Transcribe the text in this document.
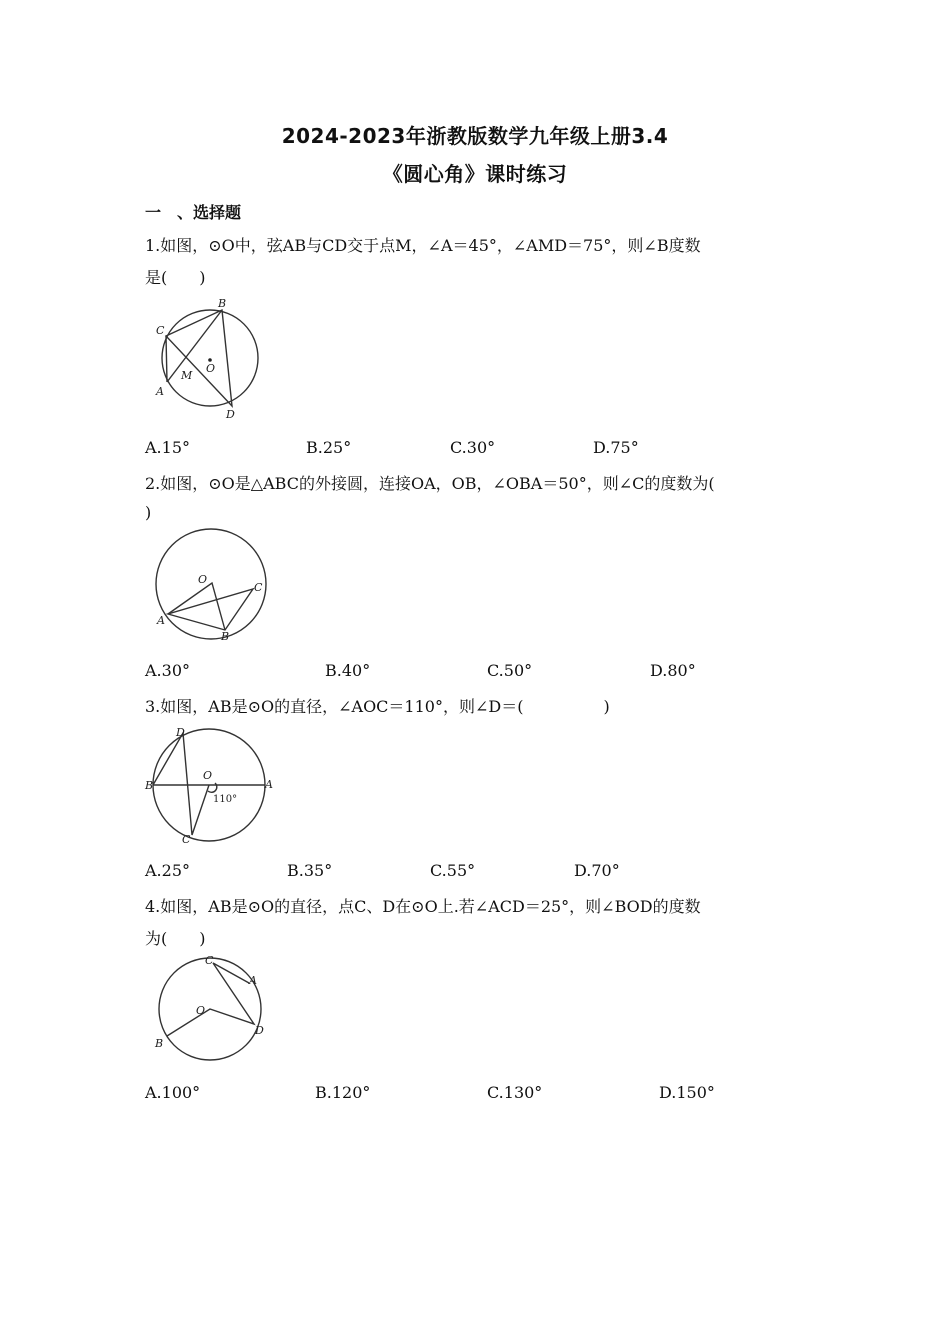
2024-2023年浙教版数学九年级上册3.4
《圆心角》课时练习
一　、选择题
1.如图，⊙O中，弦AB与CD交于点M，∠A＝45°，∠AMD＝75°，则∠B度数
是(　　)
C
B
A
D
M
O
A.15°	B.25°	C.30°	D.75°
2.如图，⊙O是△ABC的外接圆，连接OA，OB，∠OBA＝50°，则∠C的度数为(
)
O
C
A
B
A.30°	B.40°	C.50°	D.80°
3.如图，AB是⊙O的直径，∠AOC＝110°，则∠D＝(　　　　　)
D
B	A
O
C
110°
A.25°	B.35°	C.55°	D.70°
4.如图，AB是⊙O的直径，点C、D在⊙O上.若∠ACD＝25°，则∠BOD的度数
为(　　)
O
C
A
D
B
A.100°	B.120°	C.130°	D.150°
